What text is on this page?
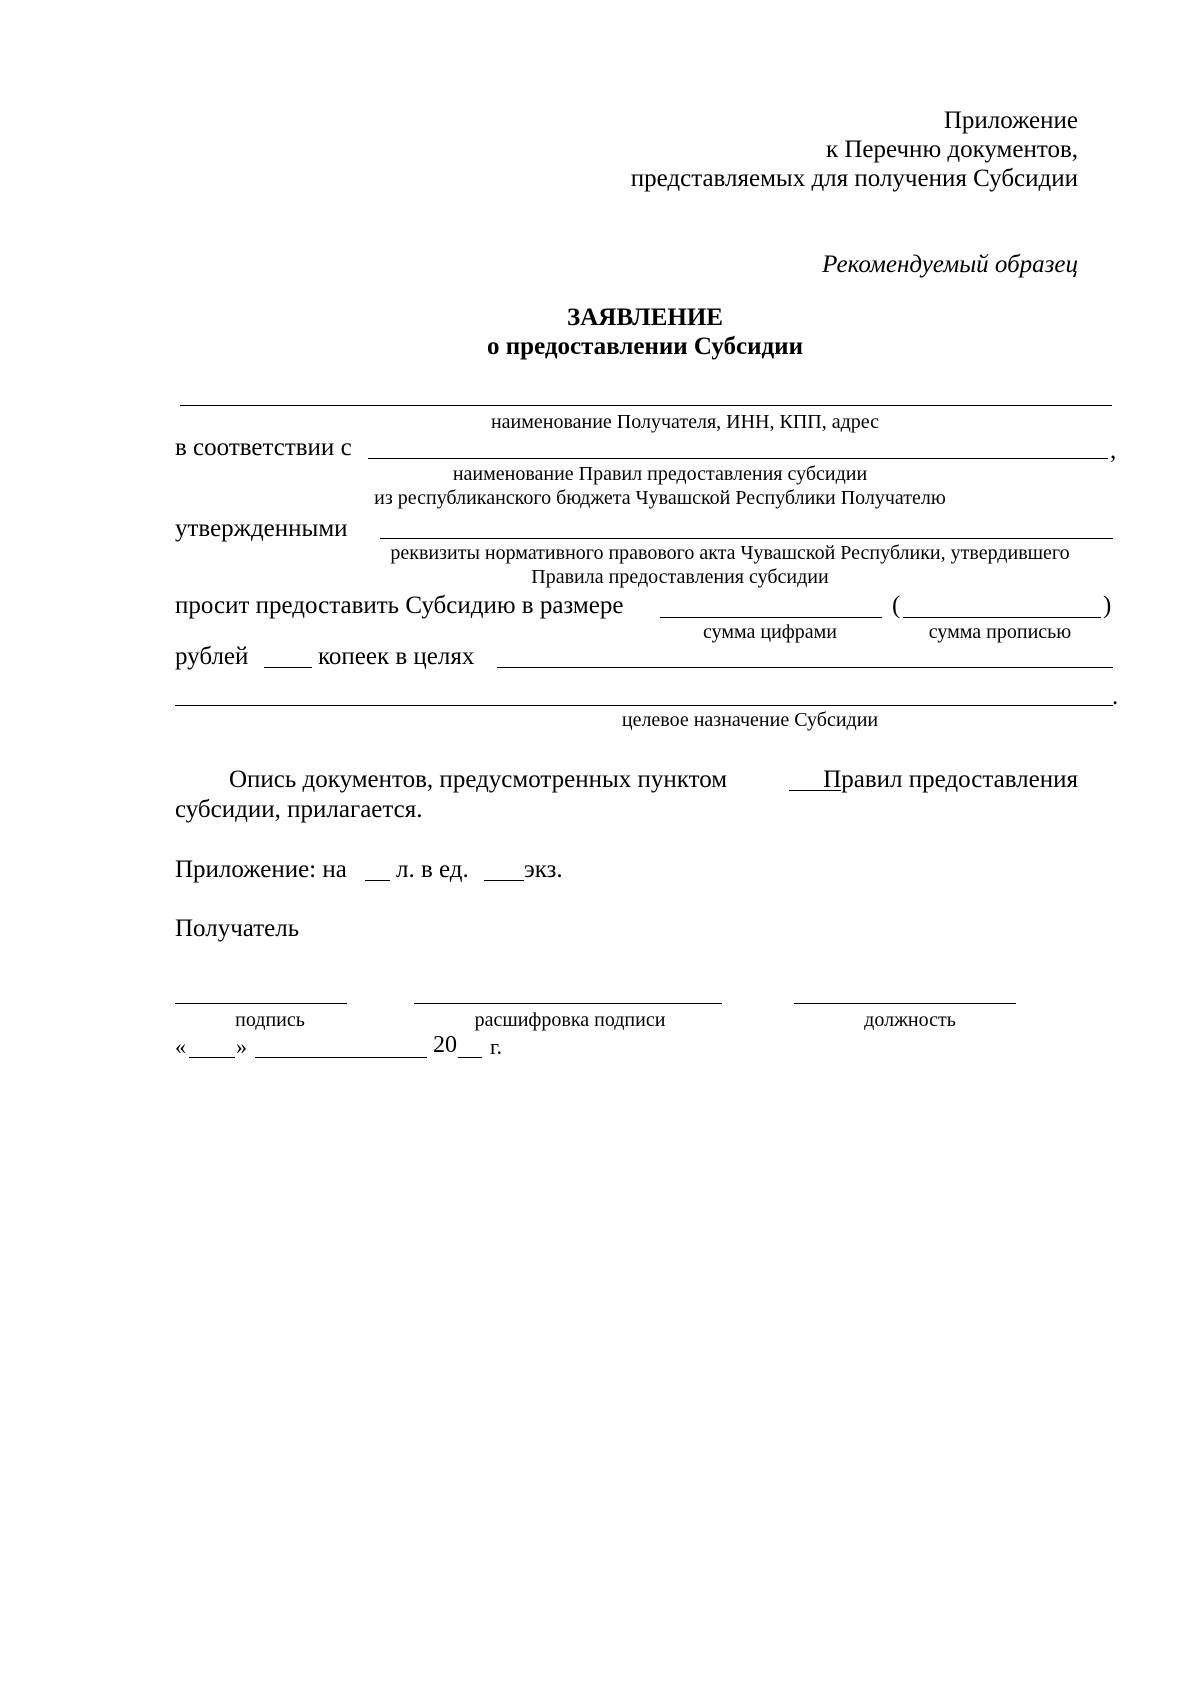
Приложение
к Перечню документов,
представляемых для получения Субсидии
Рекомендуемый образец
ЗАЯВЛЕНИЕ
о предоставлении Субсидии
наименование Получателя, ИНН, КПП, адрес
в соответствии с	,
наименование Правил предоставления субсидии
из республиканского бюджета Чувашской Республики Получателю
утвержденными
реквизиты нормативного правового акта Чувашской Республики, утвердившего
Правила предоставления субсидии
просит предоставить Субсидию в размере	(	)
сумма цифрами	сумма прописью
рублей	копеек в целях
.
целевое назначение Субсидии
Опись документов, предусмотренных пунктом	Правил предоставления
субсидии, прилагается.
Приложение: на л. в ед. экз.
Получатель
подпись	расшифровка подписи	должность
« »	20 г.
